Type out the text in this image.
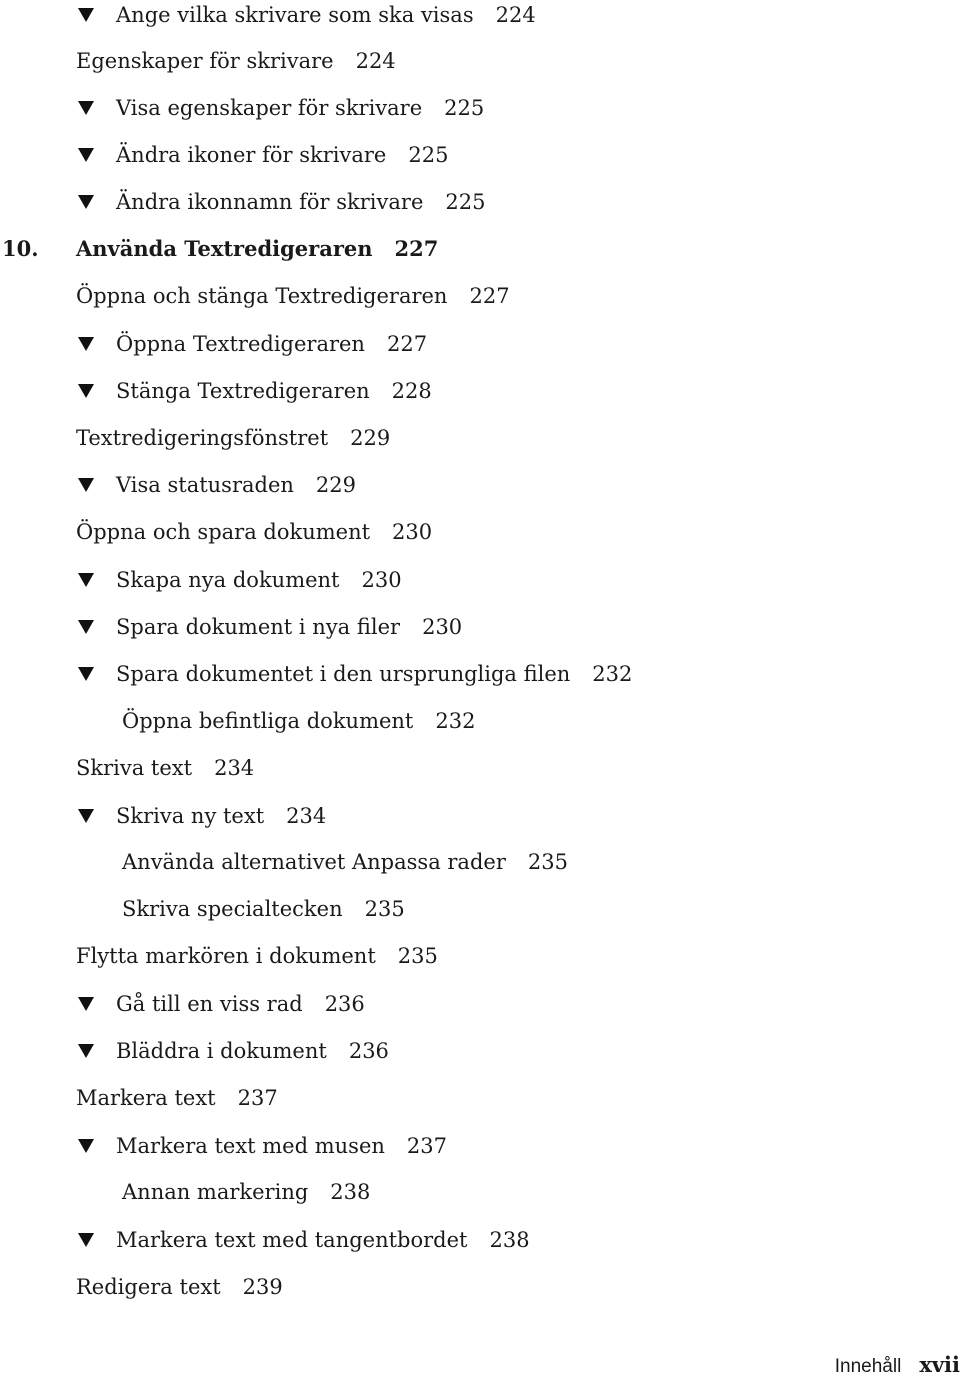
Ange vilka skrivare som ska visas 224
Egenskaper för skrivare 224
Visa egenskaper för skrivare 225
Ändra ikoner för skrivare 225
Ändra ikonnamn för skrivare 225
10. Använda Textredigeraren 227
Öppna och stänga Textredigeraren 227
Öppna Textredigeraren 227
Stänga Textredigeraren 228
Textredigeringsfönstret 229
Visa statusraden 229
Öppna och spara dokument 230
Skapa nya dokument 230
Spara dokument i nya filer 230
Spara dokumentet i den ursprungliga filen 232
Öppna befintliga dokument 232
Skriva text 234
Skriva ny text 234
Använda alternativet Anpassa rader 235
Skriva specialtecken 235
Flytta markören i dokument 235
Gå till en viss rad 236
Bläddra i dokument 236
Markera text 237
Markera text med musen 237
Annan markering 238
Markera text med tangentbordet 238
Redigera text 239
Innehåll xvii
